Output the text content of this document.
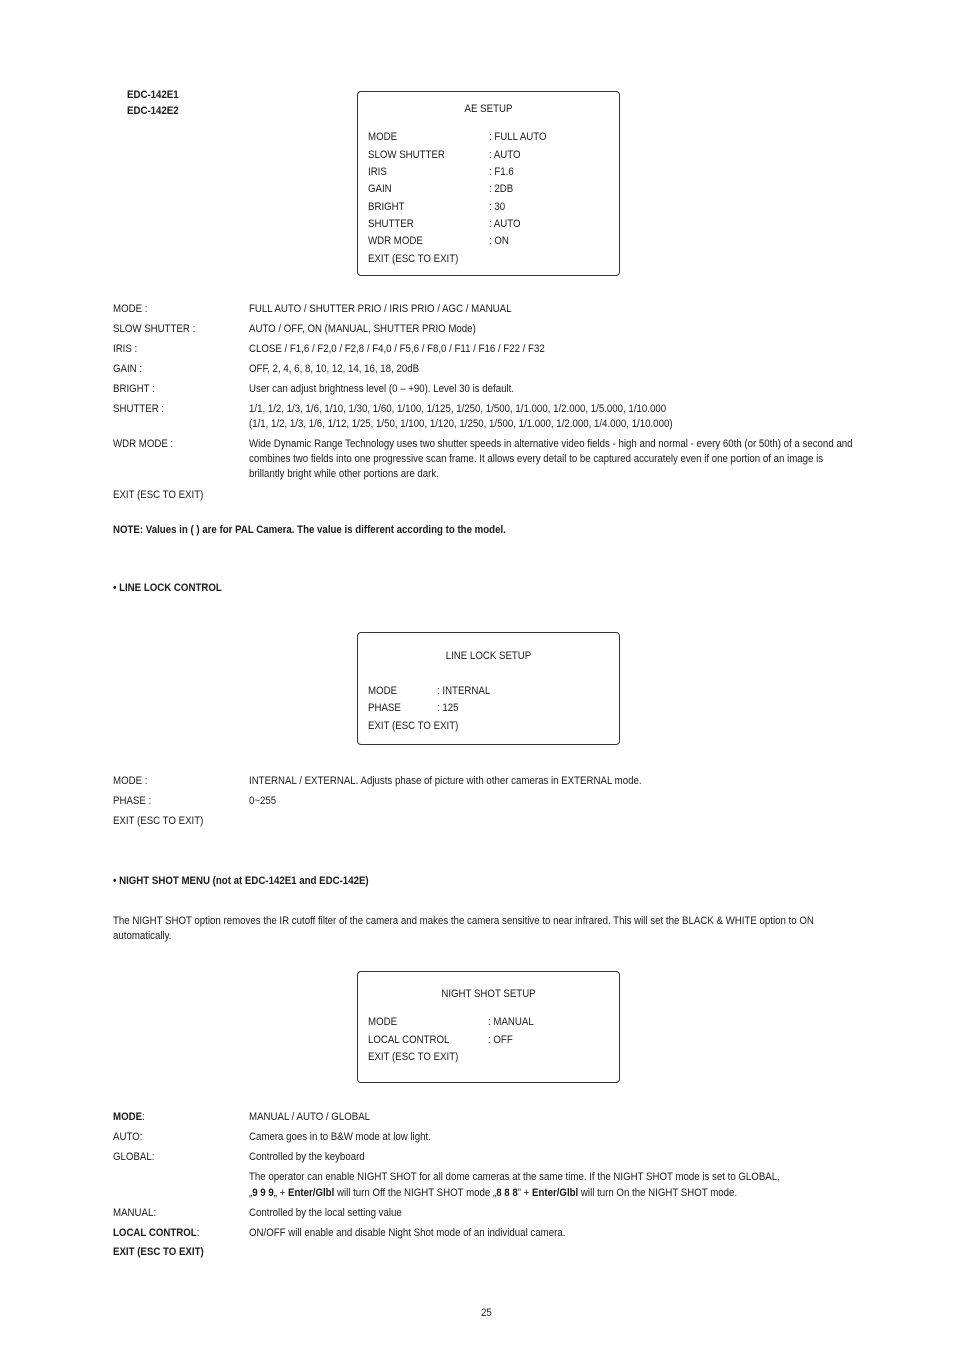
EDC-142E1
EDC-142E2	AE SETUP
MODE	: FULL AUTO
SLOW SHUTTER	: AUTO
IRIS	: F1.6
GAIN	: 2DB
BRIGHT	: 30
SHUTTER	: AUTO
WDR MODE	: ON
EXIT (ESC TO EXIT)
MODE :	FULL AUTO / SHUTTER PRIO / IRIS PRIO / AGC / MANUAL
SLOW SHUTTER :	AUTO / OFF, ON (MANUAL, SHUTTER PRIO Mode)
IRIS :	CLOSE / F1,6 / F2,0 / F2,8 / F4,0 / F5,6 / F8,0 / F11 / F16 / F22 / F32
GAIN :	OFF, 2, 4, 6, 8, 10, 12, 14, 16, 18, 20dB
BRIGHT :	User can adjust brightness level (0 – +90). Level 30 is default.
SHUTTER :	1/1, 1/2, 1/3, 1/6, 1/10, 1/30, 1/60, 1/100, 1/125, 1/250, 1/500, 1/1.000, 1/2.000, 1/5.000, 1/10.000
(1/1, 1/2, 1/3, 1/6, 1/12, 1/25, 1/50, 1/100, 1/120, 1/250, 1/500, 1/1.000, 1/2.000, 1/4.000, 1/10.000)
WDR MODE :	Wide Dynamic Range Technology uses two shutter speeds in alternative video fields - high and normal - every 60th (or 50th) of a second and combines two fields into one progressive scan frame. It allows every detail to be captured accurately even if one portion of an image is brillantly bright while other portions are dark.
EXIT (ESC TO EXIT)
NOTE: Values in ( ) are for PAL Camera. The value is different according to the model.
• LINE LOCK CONTROL
LINE LOCK SETUP
MODE	: INTERNAL
PHASE	: 125
EXIT (ESC TO EXIT)
MODE :	INTERNAL / EXTERNAL. Adjusts phase of picture with other cameras in EXTERNAL mode.
PHASE :	0~255
EXIT (ESC TO EXIT)
• NIGHT SHOT MENU (not at EDC-142E1 and EDC-142E)
The NIGHT SHOT option removes the IR cutoff filter of the camera and makes the camera sensitive to near infrared. This will set the BLACK & WHITE option to ON automatically.
NIGHT SHOT SETUP
MODE	: MANUAL
LOCAL CONTROL	: OFF
EXIT (ESC TO EXIT)
MODE:	MANUAL / AUTO / GLOBAL
AUTO:	Camera goes in to B&W mode at low light.
GLOBAL:	Controlled by the keyboard
The operator can enable NIGHT SHOT for all dome cameras at the same time. If the NIGHT SHOT mode is set to GLOBAL,
„9 9 9„ + Enter/Glbl will turn Off the NIGHT SHOT mode „8 8 8” + Enter/Glbl will turn On the NIGHT SHOT mode.
MANUAL:	Controlled by the local setting value
LOCAL CONTROL:	ON/OFF will enable and disable Night Shot mode of an individual camera.
EXIT (ESC TO EXIT)
25
